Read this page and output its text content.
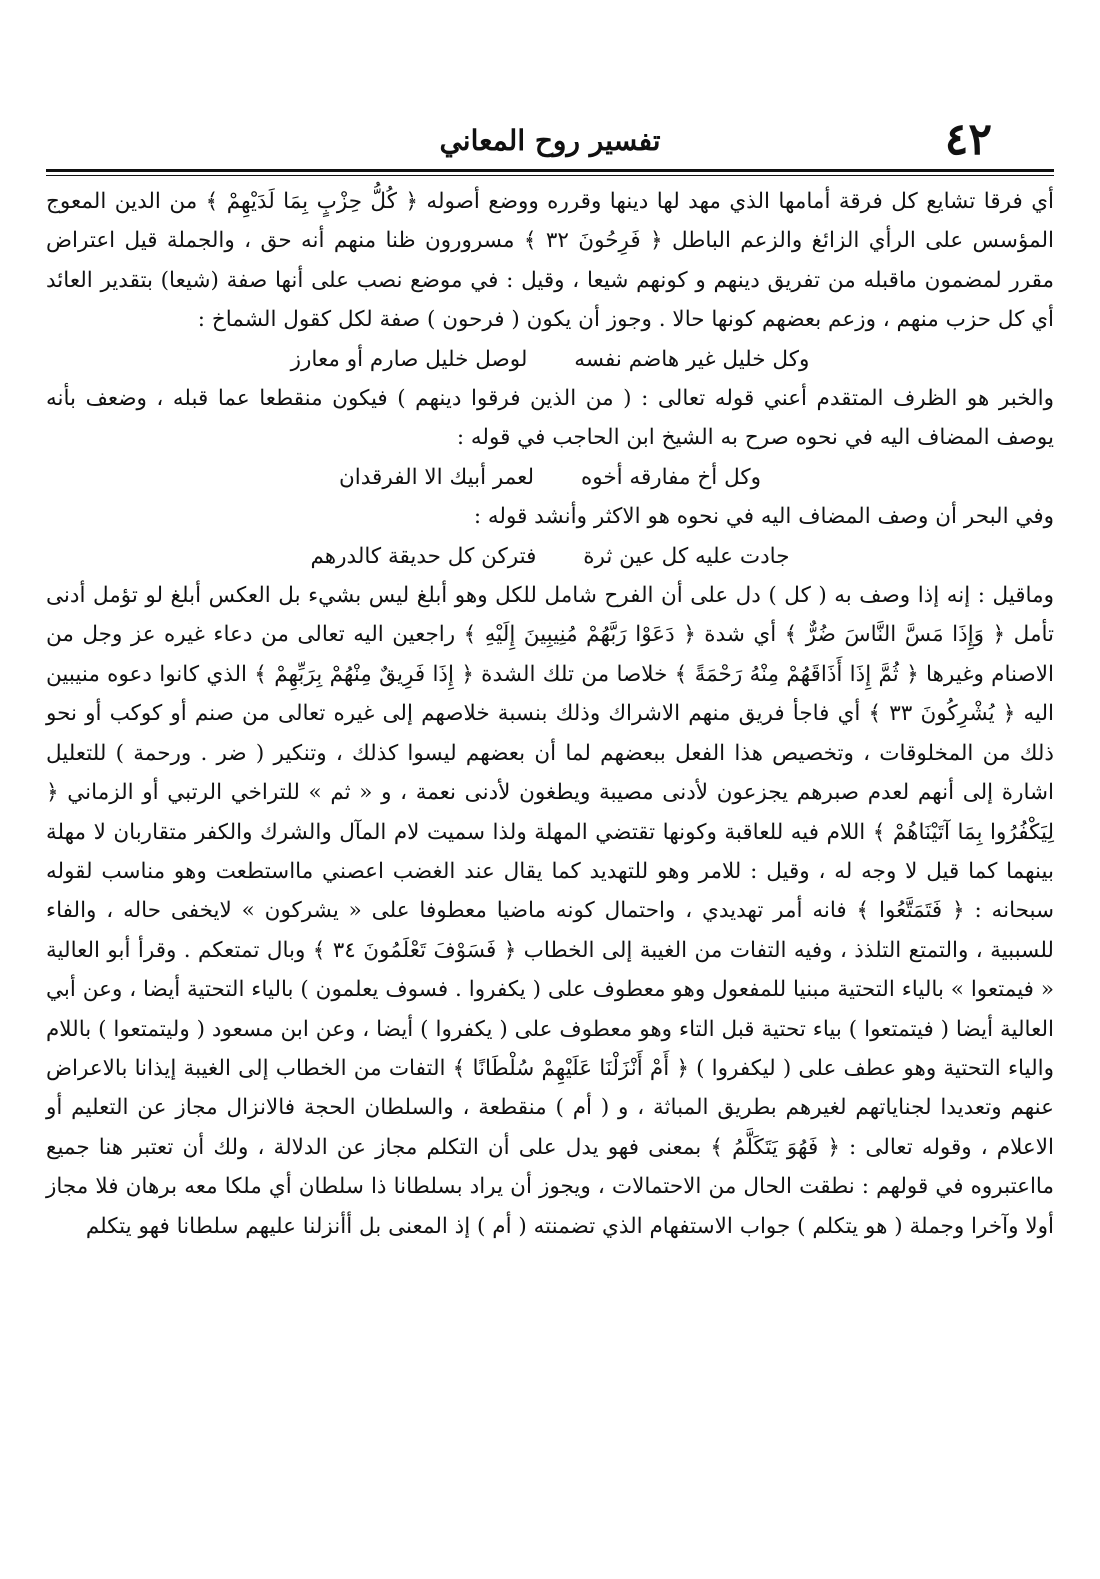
٤٢
تفسير روح المعاني

أي فرقا تشايع كل فرقة أمامها الذي مهد لها دينها وقرره ووضع أصوله ﴿ كُلُّ حِزْبٍ بِمَا لَدَيْهِمْ ﴾ من الدين المعوج المؤسس على الرأي الزائغ والزعم الباطل ﴿ فَرِحُونَ ٣٢ ﴾ مسرورون ظنا منهم أنه حق ، والجملة قيل اعتراض مقرر لمضمون ماقبله من تفريق دينهم و كونهم شيعا ، وقيل : في موضع نصب على أنها صفة (شيعا) بتقدير العائد أي كل حزب منهم ، وزعم بعضهم كونها حالا . وجوز أن يكون ( فرحون ) صفة لكل كقول الشماخ :

وكل خليل غير هاضم نفسه لوصل خليل صارم أو معارز

والخبر هو الظرف المتقدم أعني قوله تعالى : ( من الذين فرقوا دينهم ) فيكون منقطعا عما قبله ، وضعف بأنه يوصف المضاف اليه في نحوه صرح به الشيخ ابن الحاجب في قوله :

وكل أخ مفارقه أخوه لعمر أبيك الا الفرقدان

وفي البحر أن وصف المضاف اليه في نحوه هو الاكثر وأنشد قوله :

جادت عليه كل عين ثرة فتركن كل حديقة كالدرهم

وماقيل : إنه إذا وصف به ( كل ) دل على أن الفرح شامل للكل وهو أبلغ ليس بشيء بل العكس أبلغ لو تؤمل أدنى تأمل ﴿ وَإِذَا مَسَّ النَّاسَ ضُرٌّ ﴾ أي شدة ﴿ دَعَوْا رَبَّهُمْ مُنِيبِينَ إِلَيْهِ ﴾ راجعين اليه تعالى من دعاء غيره عز وجل من الاصنام وغيرها ﴿ ثُمَّ إِذَا أَذَاقَهُمْ مِنْهُ رَحْمَةً ﴾ خلاصا من تلك الشدة ﴿ إِذَا فَرِيقٌ مِنْهُمْ بِرَبِّهِمْ ﴾ الذي كانوا دعوه منيبين اليه ﴿ يُشْرِكُونَ ٣٣ ﴾ أي فاجأ فريق منهم الاشراك وذلك بنسبة خلاصهم إلى غيره تعالى من صنم أو كوكب أو نحو ذلك من المخلوقات ، وتخصيص هذا الفعل ببعضهم لما أن بعضهم ليسوا كذلك ، وتنكير ( ضر . ورحمة ) للتعليل اشارة إلى أنهم لعدم صبرهم يجزعون لأدنى مصيبة ويطغون لأدنى نعمة ، و « ثم » للتراخي الرتبي أو الزماني ﴿ لِيَكْفُرُوا بِمَا آتَيْنَاهُمْ ﴾ اللام فيه للعاقبة وكونها تقتضي المهلة ولذا سميت لام المآل والشرك والكفر متقاربان لا مهلة بينهما كما قيل لا وجه له ، وقيل : للامر وهو للتهديد كما يقال عند الغضب اعصني مااستطعت وهو مناسب لقوله سبحانه : ﴿ فَتَمَتَّعُوا ﴾ فانه أمر تهديدي ، واحتمال كونه ماضيا معطوفا على « يشركون » لايخفى حاله ، والفاء للسببية ، والتمتع التلذذ ، وفيه التفات من الغيبة إلى الخطاب ﴿ فَسَوْفَ تَعْلَمُونَ ٣٤ ﴾ وبال تمتعكم . وقرأ أبو العالية « فيمتعوا » بالياء التحتية مبنيا للمفعول وهو معطوف على ( يكفروا . فسوف يعلمون ) بالياء التحتية أيضا ، وعن أبي العالية أيضا ( فيتمتعوا ) بياء تحتية قبل التاء وهو معطوف على ( يكفروا ) أيضا ، وعن ابن مسعود ( وليتمتعوا ) باللام والياء التحتية وهو عطف على ( ليكفروا ) ﴿ أَمْ أَنْزَلْنَا عَلَيْهِمْ سُلْطَانًا ﴾ التفات من الخطاب إلى الغيبة إيذانا بالاعراض عنهم وتعديدا لجناياتهم لغيرهم بطريق المباثة ، و ( أم ) منقطعة ، والسلطان الحجة فالانزال مجاز عن التعليم أو الاعلام ، وقوله تعالى : ﴿ فَهُوَ يَتَكَلَّمُ ﴾ بمعنى فهو يدل على أن التكلم مجاز عن الدلالة ، ولك أن تعتبر هنا جميع مااعتبروه في قولهم : نطقت الحال من الاحتمالات ، ويجوز أن يراد بسلطانا ذا سلطان أي ملكا معه برهان فلا مجاز أولا وآخرا وجملة ( هو يتكلم ) جواب الاستفهام الذي تضمنته ( أم ) إذ المعنى بل أأنزلنا عليهم سلطانا فهو يتكلم
